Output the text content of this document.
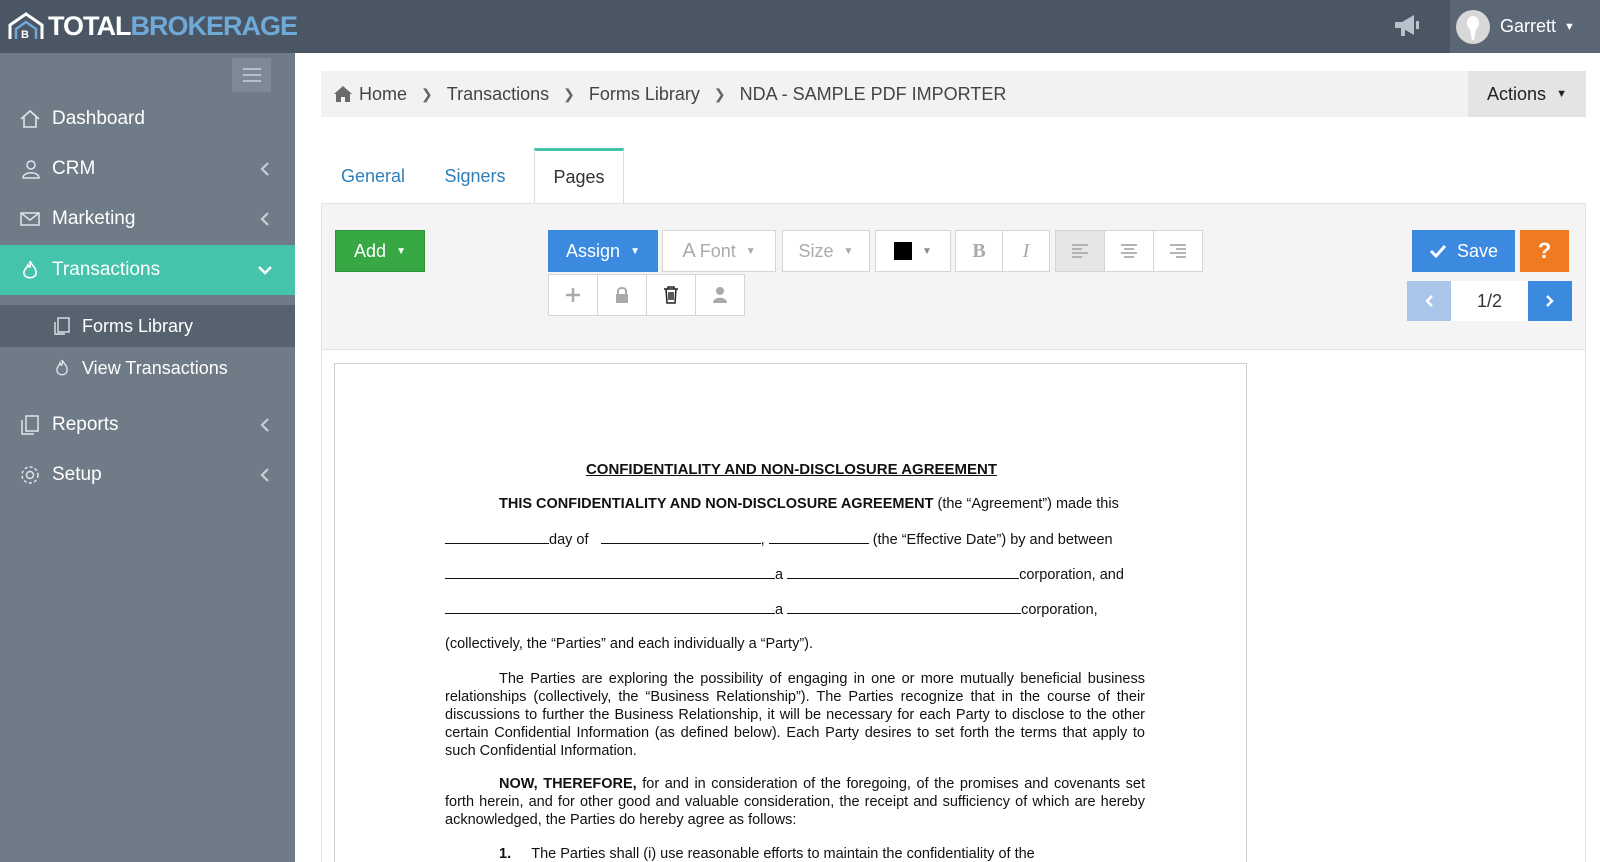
B TOTALBROKERAGE	Garrett ▼
Dashboard
CRM
Marketing
Transactions
Forms Library
View Transactions
Reports
Setup
Home ❯ Transactions ❯ Forms Library ❯ NDA - SAMPLE PDF IMPORTER	Actions ▼
General	Signers	Pages
Add ▼	Assign ▼ A Font ▼ Size ▼	▼	B	I	Save	?
1/2
CONFIDENTIALITY AND NON-DISCLOSURE AGREEMENT
THIS CONFIDENTIALITY AND NON-DISCLOSURE AGREEMENT (the “Agreement”) made this
day of	,	(the “Effective Date”) by and between
a	corporation, and
a	corporation,
(collectively, the “Parties” and each individually a “Party”).
The Parties are exploring the possibility of engaging in one or more mutually beneficial business relationships (collectively, the “Business Relationship”). The Parties recognize that in the course of their discussions to further the Business Relationship, it will be necessary for each Party to disclose to the other certain Confidential Information (as defined below). Each Party desires to set forth the terms that apply to such Confidential Information.
NOW, THEREFORE, for and in consideration of the foregoing, of the promises and covenants set forth herein, and for other good and valuable consideration, the receipt and sufficiency of which are hereby acknowledged, the Parties do hereby agree as follows:
1. The Parties shall (i) use reasonable efforts to maintain the confidentiality of the
